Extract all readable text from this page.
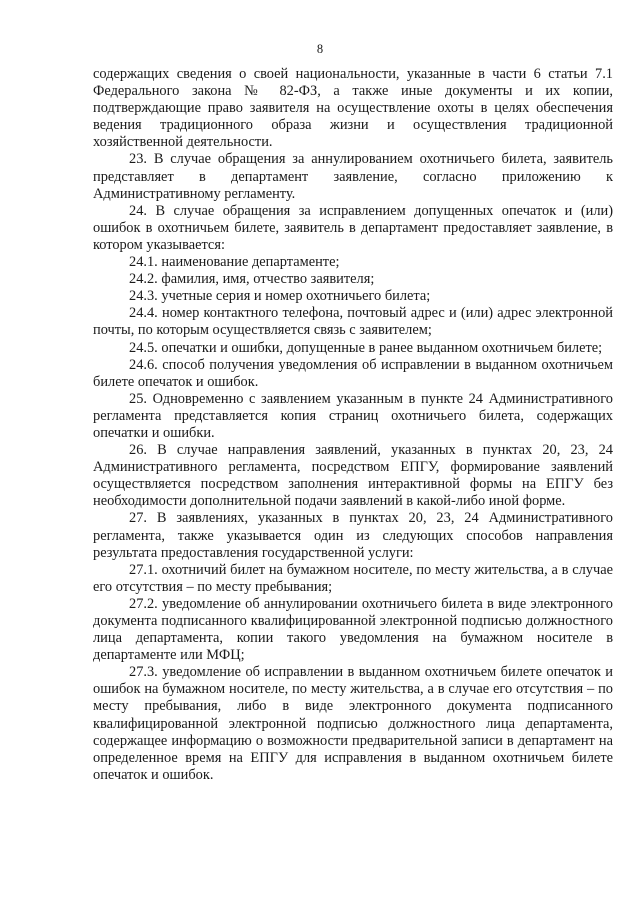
8

содержащих сведения о своей национальности, указанные в части 6 статьи 7.1 Федерального закона № 82-ФЗ, а также иные документы и их копии, подтверждающие право заявителя на осуществление охоты в целях обеспечения ведения традиционного образа жизни и осуществления традиционной хозяйственной деятельности.

23. В случае обращения за аннулированием охотничьего билета, заявитель представляет в департамент заявление, согласно приложению к Административному регламенту.

24. В случае обращения за исправлением допущенных опечаток и (или) ошибок в охотничьем билете, заявитель в департамент предоставляет заявление, в котором указывается:

24.1. наименование департаменте;

24.2. фамилия, имя, отчество заявителя;

24.3. учетные серия и номер охотничьего билета;

24.4. номер контактного телефона, почтовый адрес и (или) адрес электронной почты, по которым осуществляется связь с заявителем;

24.5. опечатки и ошибки, допущенные в ранее выданном охотничьем билете;

24.6. способ получения уведомления об исправлении в выданном охотничьем билете опечаток и ошибок.

25. Одновременно с заявлением указанным в пункте 24 Административного регламента представляется копия страниц охотничьего билета, содержащих опечатки и ошибки.

26. В случае направления заявлений, указанных в пунктах 20, 23, 24 Административного регламента, посредством ЕПГУ, формирование заявлений осуществляется посредством заполнения интерактивной формы на ЕПГУ без необходимости дополнительной подачи заявлений в какой-либо иной форме.

27. В заявлениях, указанных в пунктах 20, 23, 24 Административного регламента, также указывается один из следующих способов направления результата предоставления государственной услуги:

27.1. охотничий билет на бумажном носителе, по месту жительства, а в случае его отсутствия – по месту пребывания;

27.2. уведомление об аннулировании охотничьего билета в виде электронного документа подписанного квалифицированной электронной подписью должностного лица департамента, копии такого уведомления на бумажном носителе в департаменте или МФЦ;

27.3. уведомление об исправлении в выданном охотничьем билете опечаток и ошибок на бумажном носителе, по месту жительства, а в случае его отсутствия – по месту пребывания, либо в виде электронного документа подписанного квалифицированной электронной подписью должностного лица департамента, содержащее информацию о возможности предварительной записи в департамент на определенное время на ЕПГУ для исправления в выданном охотничьем билете опечаток и ошибок.
